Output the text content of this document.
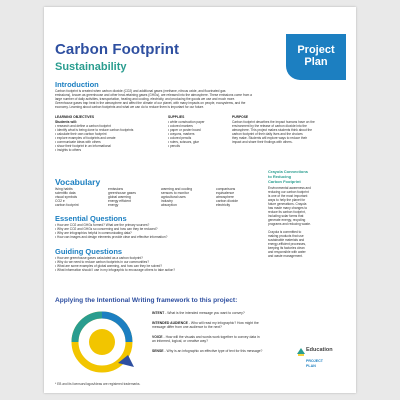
Carbon Footprint
Sustainability
Project
Plan
Introduction
Carbon footprint is created when carbon dioxide (CO2) and additional gases (methane, nitrous oxide, and fluorinated gas
emissions), known as greenhouse and other heat-retaining gases (GHGs), are released into the atmosphere. These emissions come from a
large number of daily activities, transportation, heating and cooling, electricity, and producing the goods we use and much more.
Greenhouse gases trap heat in the atmosphere and affect the climate of our planet, with many impacts on people, ecosystems, and the
economy. Learning about carbon footprints and what we can do to reduce them is important for our future.
LEARNING OBJECTIVES
Students will:
• research and define a carbon footprint
• identify what is being done to reduce carbon footprints
• calculate their own carbon footprint
• explore examples of footprints and create
• communicate ideas with others
• show their footprint in an informational
• insights to others
SUPPLIES
• white construction paper
• colored markers
• paper or poster board
• crayons, markers
• colored pencils
• rulers, scissors, glue
• pencils
PURPOSE
Carbon footprint describes the impact humans have on the
environment by the release of carbon dioxide into the
atmosphere. This project makes students think about the
carbon footprint of their daily lives and the choices
they make. Students will explore ways to reduce their
impact and share their findings with others.
Vocabulary
living habits
scientific data
visual symbols
CO2 e
carbon footprint
emissions
greenhouse gases
global warming
energy efficient
energy
warming and cooling
sensors to monitor
agricultural uses
industry
absorption
comparisons
equivalence
atmosphere
carbon dioxide
electricity
Essential Questions
• How are CO2 and GHGs formed? What are the primary sources?
• Why are CO2 and GHGs so concerning and how can they be reduced?
• Why are infographics helpful in communicating data?
• How can images and design elements provide clear and effective information?
Guiding Questions
• How are greenhouse gases calculated as a carbon footprint?
• Why do we need to reduce carbon footprints in our communities?
• What are some examples of global warming, and how can they be solved?
• What information should I use in my infographic to encourage others to take action?
Crayola Connections
to Reducing
Carbon Footprint
Environmental awareness and
reducing our carbon footprint
is one of the most important
ways to help the planet for
future generations. Crayola
has made many changes to
reduce its carbon footprint,
including solar farms that
generate energy, recycling
programs and reducing waste.
Crayola is committed to
making products that use
sustainable materials and
energy-efficient processes,
keeping its factories clean
and responsible with water
and waste management.
Applying the Intentional Writing framework to this project:
INTENT - What is the intended message you want to convey?
INTENDED AUDIENCE - Who will read my infographic? How might the message differ from one audience to the next?
VOICE - How will the visuals and words work together to convey data in an informed, logical, or creative way?
SENSE - Why is an infographic an effective type of text for this message?	Education
PROJECT
PLAN
* EB and its licensors/logos/ideas are registered trademarks.
